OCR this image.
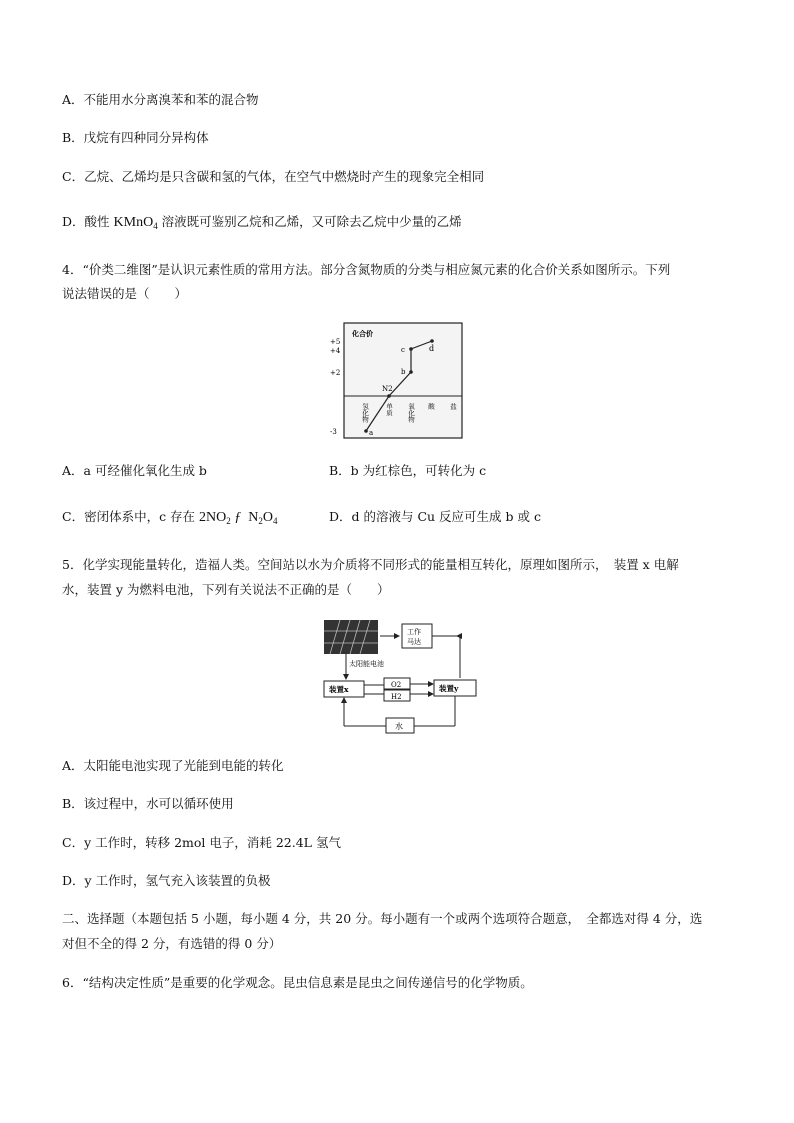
A．不能用水分离溴苯和苯的混合物
B．戊烷有四种同分异构体
C．乙烷、乙烯均是只含碳和氢的气体，在空气中燃烧时产生的现象完全相同
D．酸性 KMnO$_4$ 溶液既可鉴别乙烷和乙烯，又可除去乙烷中少量的乙烯
4．“价类二维图”是认识元素性质的常用方法。部分含氮物质的分类与相应氮元素的化合价关系如图所示。下列
说法错误的是（　　）
化合价
+5
+4
+2
-3
氢化物 单质 氧化物 酸 盐
a
N2
b
c	d
A．a 可经催化氧化生成 b	B．b 为红棕色，可转化为 c
C．密闭体系中，c 存在 $2NO_2$ ƒ $N_2O_4$	D．d 的溶液与 Cu 反应可生成 b 或 c
5．化学实现能量转化，造福人类。空间站以水为介质将不同形式的能量相互转化，原理如图所示，　装置 x 电解
水，装置 y 为燃料电池，下列有关说法不正确的是（　　）
工作
马达
太阳能电池
装置x	装置y
O2
H2
水
A．太阳能电池实现了光能到电能的转化
B．该过程中，水可以循环使用
C．y 工作时，转移 2mol 电子，消耗 22.4L 氢气
D．y 工作时，氢气充入该装置的负极
二、选择题（本题包括 5 小题，每小题 4 分，共 20 分。每小题有一个或两个选项符合题意，　全都选对得 4 分，选
对但不全的得 2 分，有选错的得 0 分）
6．“结构决定性质”是重要的化学观念。昆虫信息素是昆虫之间传递信号的化学物质。
